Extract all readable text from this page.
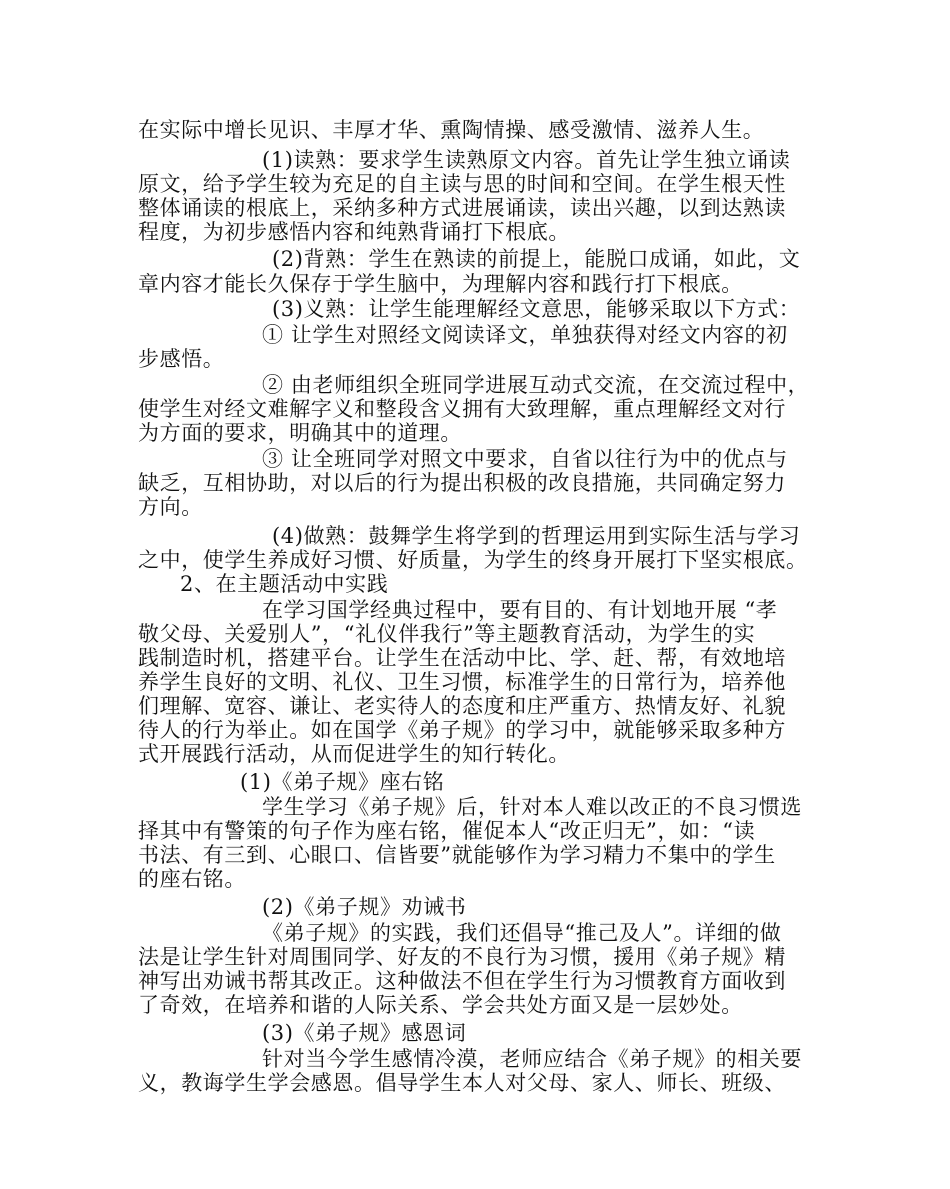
在实际中增长见识、丰厚才华、熏陶情操、感受激情、滋养人生。
(1)读熟：要求学生读熟原文内容。首先让学生独立诵读
原文，给予学生较为充足的自主读与思的时间和空间。在学生根天性
整体诵读的根底上，采纳多种方式进展诵读，读出兴趣，以到达熟读
程度，为初步感悟内容和纯熟背诵打下根底。
(2)背熟：学生在熟读的前提上，能脱口成诵，如此，文
章内容才能长久保存于学生脑中，为理解内容和践行打下根底。
(3)义熟：让学生能理解经文意思，能够采取以下方式：
① 让学生对照经文阅读译文，单独获得对经文内容的初
步感悟。
② 由老师组织全班同学进展互动式交流，在交流过程中，
使学生对经文难解字义和整段含义拥有大致理解，重点理解经文对行
为方面的要求，明确其中的道理。
③ 让全班同学对照文中要求，自省以往行为中的优点与
缺乏，互相协助，对以后的行为提出积极的改良措施，共同确定努力
方向。
(4)做熟：鼓舞学生将学到的哲理运用到实际生活与学习
之中，使学生养成好习惯、好质量，为学生的终身开展打下坚实根底。
2、在主题活动中实践
在学习国学经典过程中，要有目的、有计划地开展 “孝
敬父母、关爱别人”，“礼仪伴我行”等主题教育活动，为学生的实
践制造时机，搭建平台。让学生在活动中比、学、赶、帮，有效地培
养学生良好的文明、礼仪、卫生习惯，标准学生的日常行为，培养他
们理解、宽容、谦让、老实待人的态度和庄严重方、热情友好、礼貌
待人的行为举止。如在国学《弟子规》的学习中，就能够采取多种方
式开展践行活动，从而促进学生的知行转化。
(1)《弟子规》座右铭
学生学习《弟子规》后，针对本人难以改正的不良习惯选
择其中有警策的句子作为座右铭，催促本人“改正归无”，如：“读
书法、有三到、心眼口、信皆要”就能够作为学习精力不集中的学生
的座右铭。
(2)《弟子规》劝诫书
《弟子规》的实践，我们还倡导“推己及人”。详细的做
法是让学生针对周围同学、好友的不良行为习惯，援用《弟子规》精
神写出劝诫书帮其改正。这种做法不但在学生行为习惯教育方面收到
了奇效，在培养和谐的人际关系、学会共处方面又是一层妙处。
(3)《弟子规》感恩词
针对当今学生感情冷漠，老师应结合《弟子规》的相关要
义，教诲学生学会感恩。倡导学生本人对父母、家人、师长、班级、
